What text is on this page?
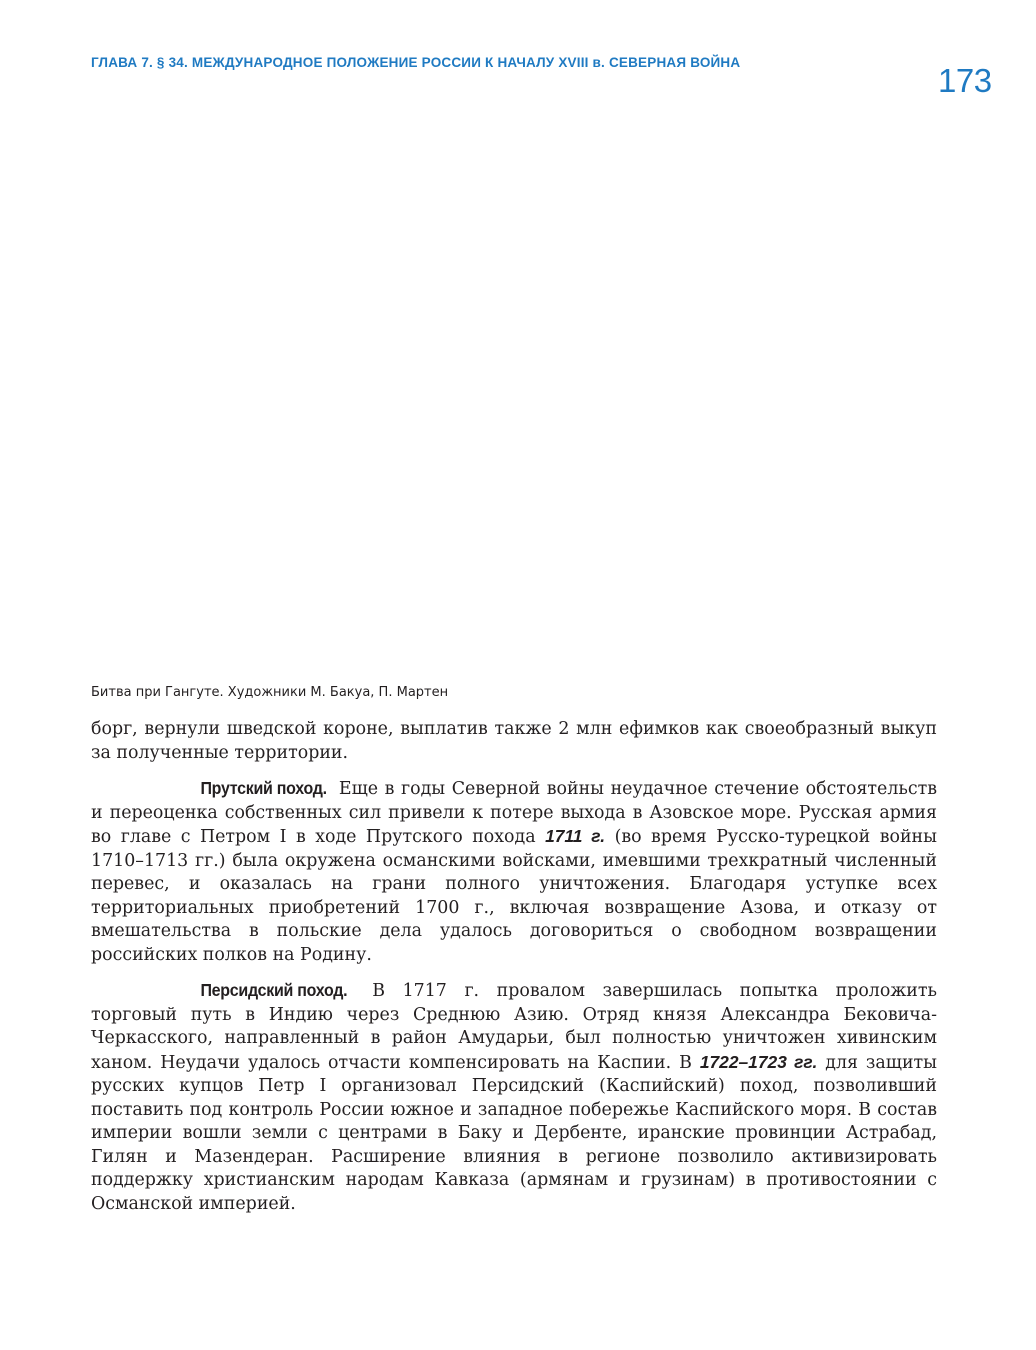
ГЛАВА 7. § 34. МЕЖДУНАРОДНОЕ ПОЛОЖЕНИЕ РОССИИ К НАЧАЛУ XVIII в. СЕВЕРНАЯ ВОЙНА	173
Битва при Гангуте. Художники М. Бакуа, П. Мартен

борг, вернули шведской короне, выплатив также 2 млн ефимков как своеобразный выкуп за полученные территории.

Прутский поход. Еще в годы Северной войны неудачное стечение обстоятельств и переоценка собственных сил привели к потере выхода в Азовское море. Русская армия во главе с Петром I в ходе Прутского похода 1711 г. (во время Русско-турецкой войны 1710–1713 гг.) была окружена османскими войсками, имевшими трехкратный численный перевес, и оказалась на грани полного уничтожения. Благодаря уступке всех территориальных приобретений 1700 г., включая возвращение Азова, и отказу от вмешательства в польские дела удалось договориться о свободном возвращении российских полков на Родину.

Персидский поход. В 1717 г. провалом завершилась попытка проложить торговый путь в Индию через Среднюю Азию. Отряд князя Александра Бековича-Черкасского, направленный в район Амударьи, был полностью уничтожен хивинским ханом. Неудачи удалось отчасти компенсировать на Каспии. В 1722–1723 гг. для защиты русских купцов Петр I организовал Персидский (Каспийский) поход, позволивший поставить под контроль России южное и западное побережье Каспийского моря. В состав империи вошли земли с центрами в Баку и Дербенте, иранские провинции Астрабад, Гилян и Мазендеран. Расширение влияния в регионе позволило активизировать поддержку христианским народам Кавказа (армянам и грузинам) в противостоянии с Османской империей.
